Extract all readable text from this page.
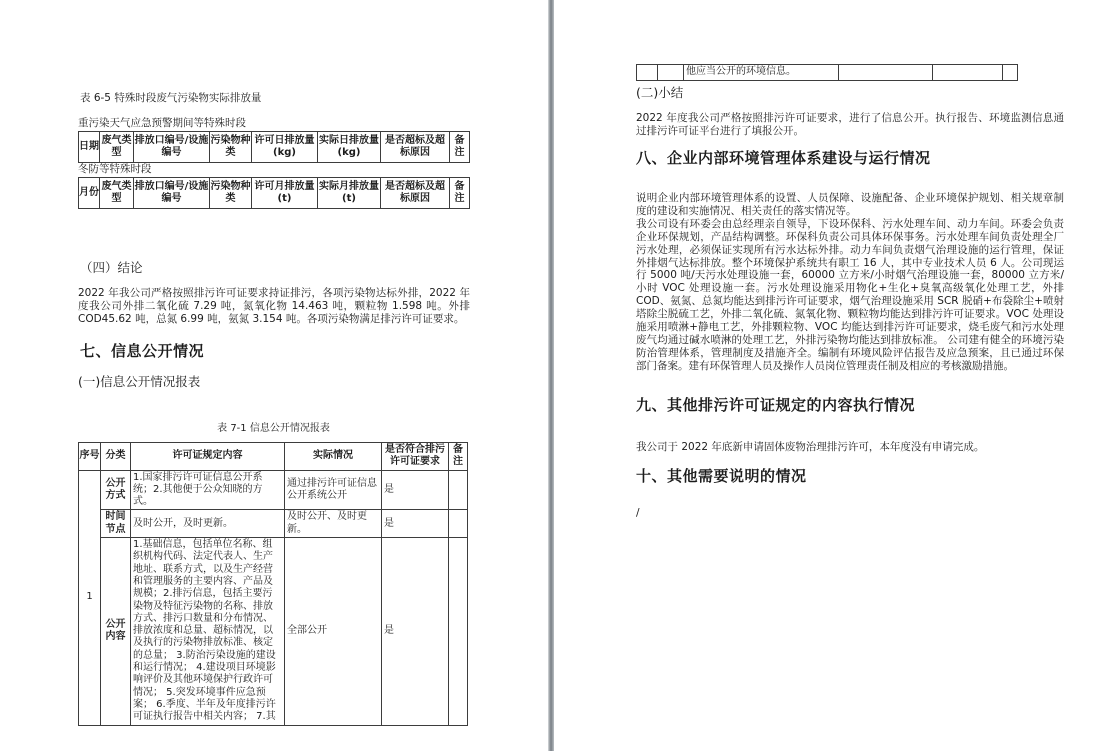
表 6-5 特殊时段废气污染物实际排放量
重污染天气应急预警期间等特殊时段
日期	废气类型	排放口编号/设施编号	污染物种类	许可日排放量(kg)	实际日排放量(kg)	是否超标及超标原因	备注
冬防等特殊时段
月份	废气类型	排放口编号/设施编号	污染物种类	许可月排放量(t)	实际月排放量(t)	是否超标及超标原因	备注
（四）结论
2022 年我公司严格按照排污许可证要求持证排污，各项污染物达标外排，2022 年度我公司外排二氧化硫 7.29 吨，氮氧化物 14.463 吨，颗粒物 1.598 吨。外排 COD45.62 吨，总氮 6.99 吨，氨氮 3.154 吨。各项污染物满足排污许可证要求。
七、信息公开情况
(一)信息公开情况报表
表 7-1 信息公开情况报表
序号	分类	许可证规定内容	实际情况	是否符合排污许可证要求	备注
1	公开方式	1.国家排污许可证信息公开系统；2.其他便于公众知晓的方式。	通过排污许可证信息公开系统公开	是	
	时间节点	及时公开，及时更新。	及时公开、及时更新。	是	
	公开内容	1.基础信息，包括单位名称、组织机构代码、法定代表人、生产地址、联系方式，以及生产经营和管理服务的主要内容、产品及规模；2.排污信息，包括主要污染物及特征污染物的名称、排放方式、排污口数量和分布情况、排放浓度和总量、超标情况，以及执行的污染物排放标准、核定的总量； 3.防治污染设施的建设和运行情况； 4.建设项目环境影响评价及其他环境保护行政许可情况； 5.突发环境事件应急预案； 6.季度、半年及年度排污许可证执行报告中相关内容； 7.其	全部公开	是	
		他应当公开的环境信息。			
(二)小结
2022 年度我公司严格按照排污许可证要求，进行了信息公开。执行报告、环境监测信息通过排污许可证平台进行了填报公开。
八、企业内部环境管理体系建设与运行情况

说明企业内部环境管理体系的设置、人员保障、设施配备、企业环境保护规划、相关规章制度的建设和实施情况、相关责任的落实情况等。

我公司设有环委会由总经理亲自领导，下设环保科、污水处理车间、动力车间。环委会负责企业环保规划，产品结构调整。环保科负责公司具体环保事务。污水处理车间负责处理全厂污水处理，必须保证实现所有污水达标外排。动力车间负责烟气治理设施的运行管理，保证外排烟气达标排放。整个环境保护系统共有职工 16 人，其中专业技术人员 6 人。公司现运行 5000 吨/天污水处理设施一套，60000 立方米/小时烟气治理设施一套，80000 立方米/小时 VOC 处理设施一套。污水处理设施采用物化+生化+臭氧高级氧化处理工艺，外排 COD、氨氮、总氮均能达到排污许可证要求，烟气治理设施采用 SCR 脱硝+布袋除尘+喷射塔除尘脱硫工艺，外排二氧化硫、氮氧化物、颗粒物均能达到排污许可证要求。VOC 处理设施采用喷淋+静电工艺，外排颗粒物、VOC 均能达到排污许可证要求，烧毛废气和污水处理废气均通过碱水喷淋的处理工艺，外排污染物均能达到排放标准。 公司建有健全的环境污染防治管理体系，管理制度及措施齐全。编制有环境风险评估报告及应急预案，且已通过环保部门备案。建有环保管理人员及操作人员岗位管理责任制及相应的考核激励措施。

九、其他排污许可证规定的内容执行情况
我公司于 2022 年底新申请固体废物治理排污许可，本年度没有申请完成。
十、其他需要说明的情况
/
